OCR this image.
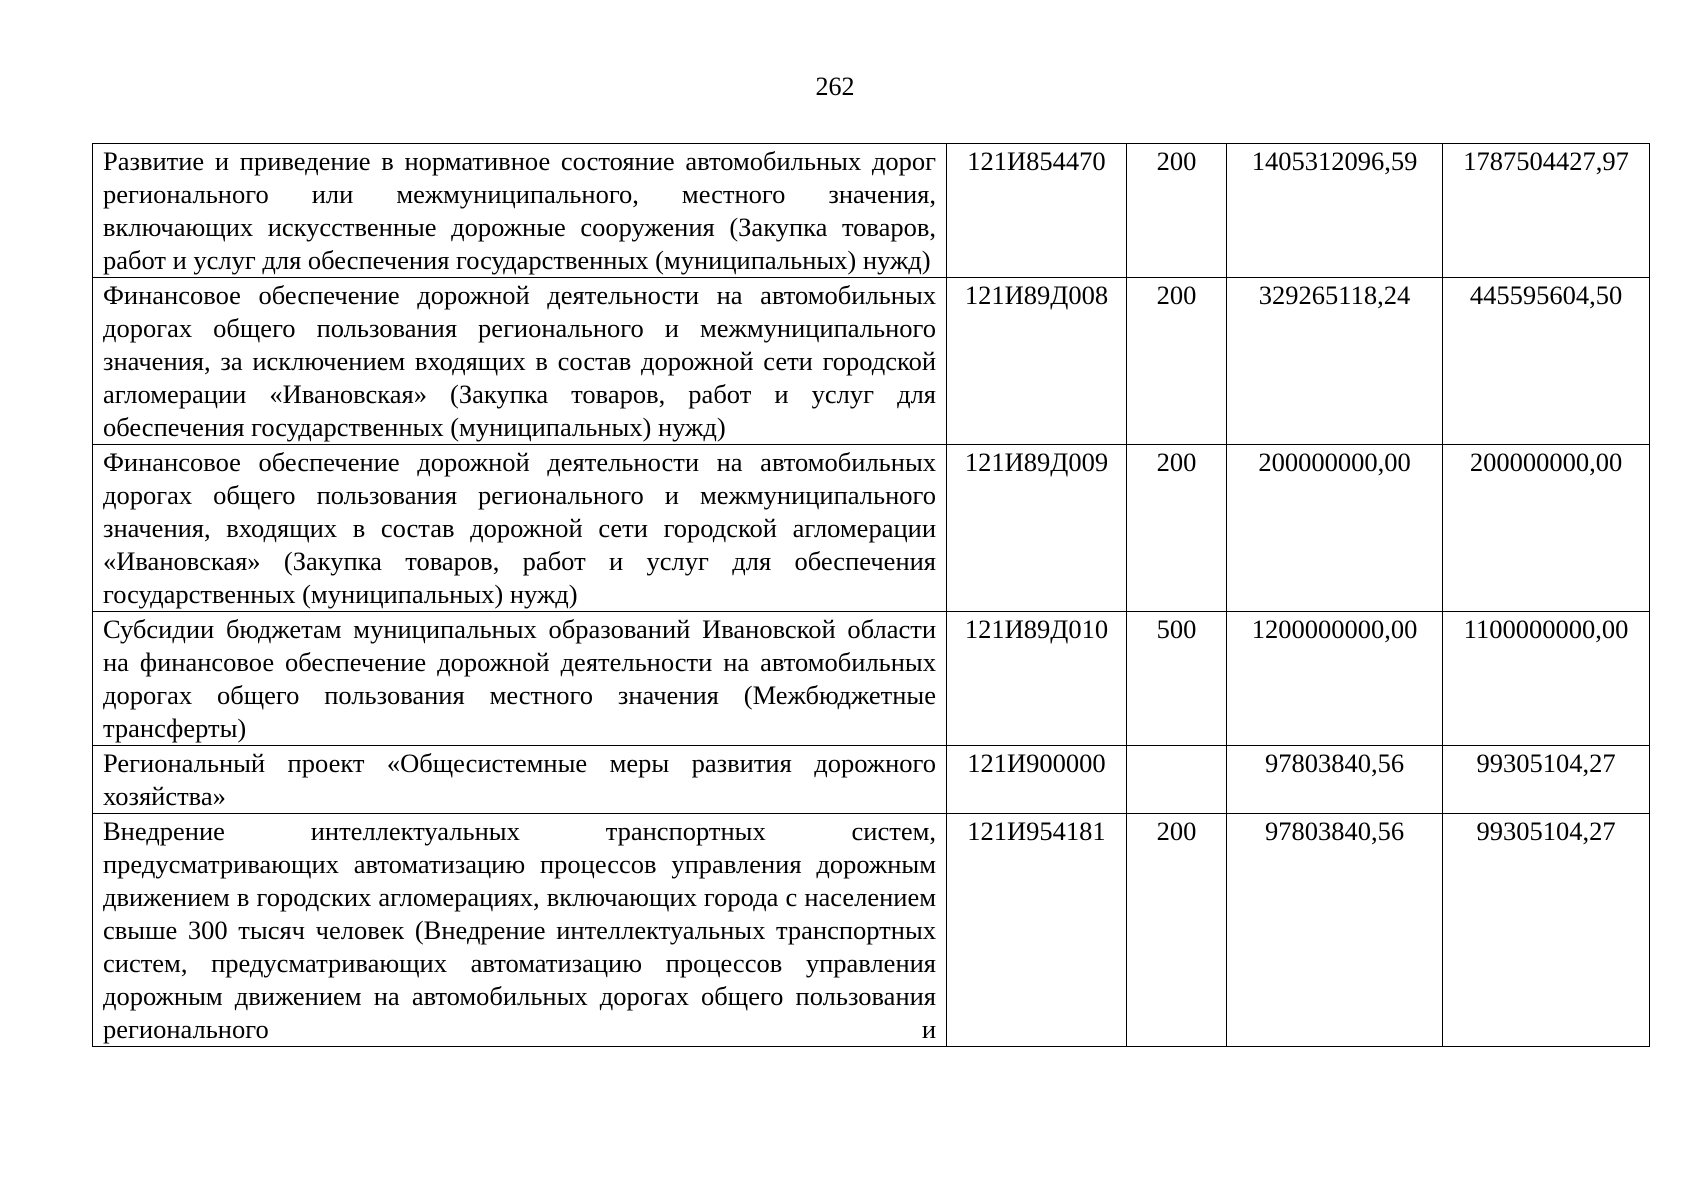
262
Развитие и приведение в нормативное состояние автомобильных дорог регионального или межмуниципального, местного значения, включающих искусственные дорожные сооружения (Закупка товаров, работ и услуг для обеспечения государственных (муниципальных) нужд)	121И854470	200	1405312096,59	1787504427,97
Финансовое обеспечение дорожной деятельности на автомобильных дорогах общего пользования регионального и межмуниципального значения, за исключением входящих в состав дорожной сети городской агломерации «Ивановская» (Закупка товаров, работ и услуг для обеспечения государственных (муниципальных) нужд)	121И89Д008	200	329265118,24	445595604,50
Финансовое обеспечение дорожной деятельности на автомобильных дорогах общего пользования регионального и межмуниципального значения, входящих в состав дорожной сети городской агломерации «Ивановская» (Закупка товаров, работ и услуг для обеспечения государственных (муниципальных) нужд)	121И89Д009	200	200000000,00	200000000,00
Субсидии бюджетам муниципальных образований Ивановской области на финансовое обеспечение дорожной деятельности на автомобильных дорогах общего пользования местного значения (Межбюджетные трансферты)	121И89Д010	500	1200000000,00	1100000000,00
Региональный проект «Общесистемные меры развития дорожного хозяйства»	121И900000		97803840,56	99305104,27
Внедрение интеллектуальных транспортных систем, предусматривающих автоматизацию процессов управления дорожным движением в городских агломерациях, включающих города с населением свыше 300 тысяч человек (Внедрение интеллектуальных транспортных систем, предусматривающих автоматизацию процессов управления дорожным движением на автомобильных дорогах общего пользования регионального и	121И954181	200	97803840,56	99305104,27
